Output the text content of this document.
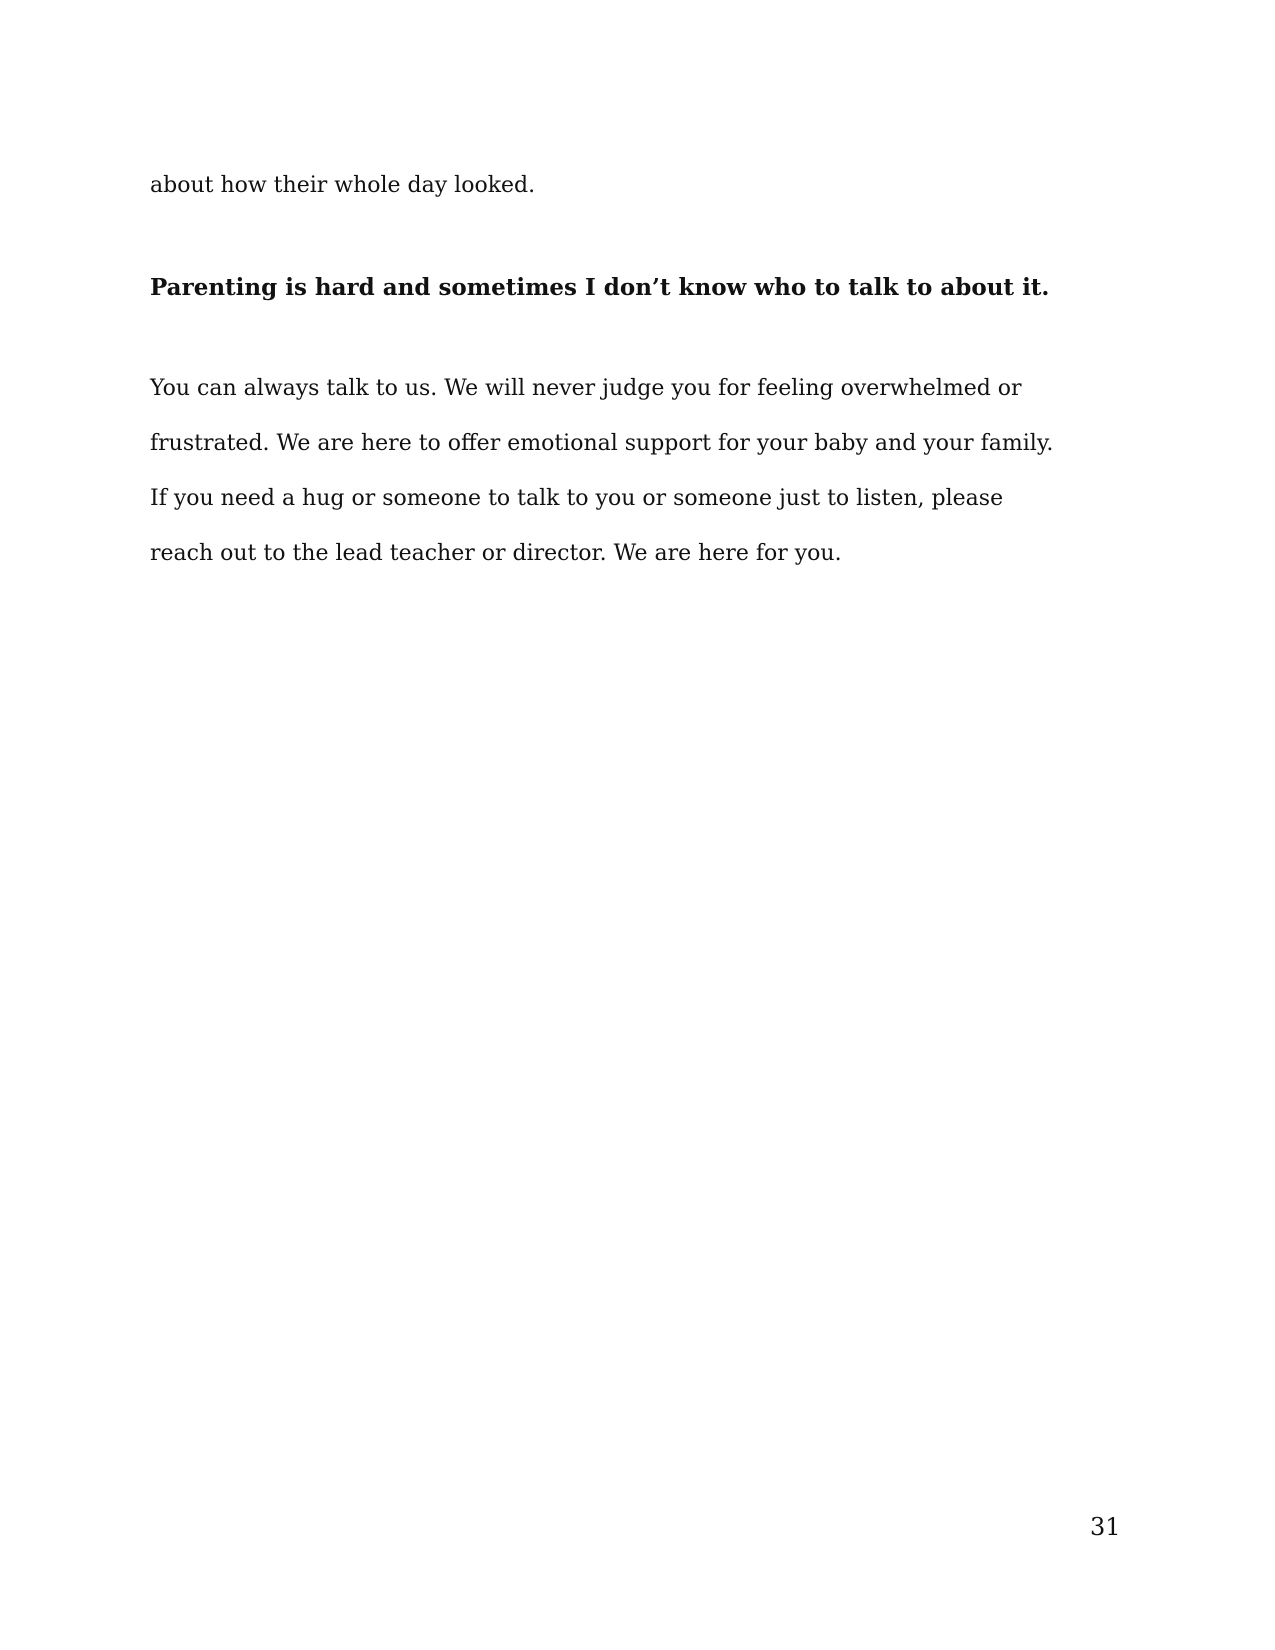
about how their whole day looked.

Parenting is hard and sometimes I don’t know who to talk to about it.

You can always talk to us. We will never judge you for feeling overwhelmed or

frustrated. We are here to offer emotional support for your baby and your family.

If you need a hug or someone to talk to you or someone just to listen, please

reach out to the lead teacher or director. We are here for you.

31
